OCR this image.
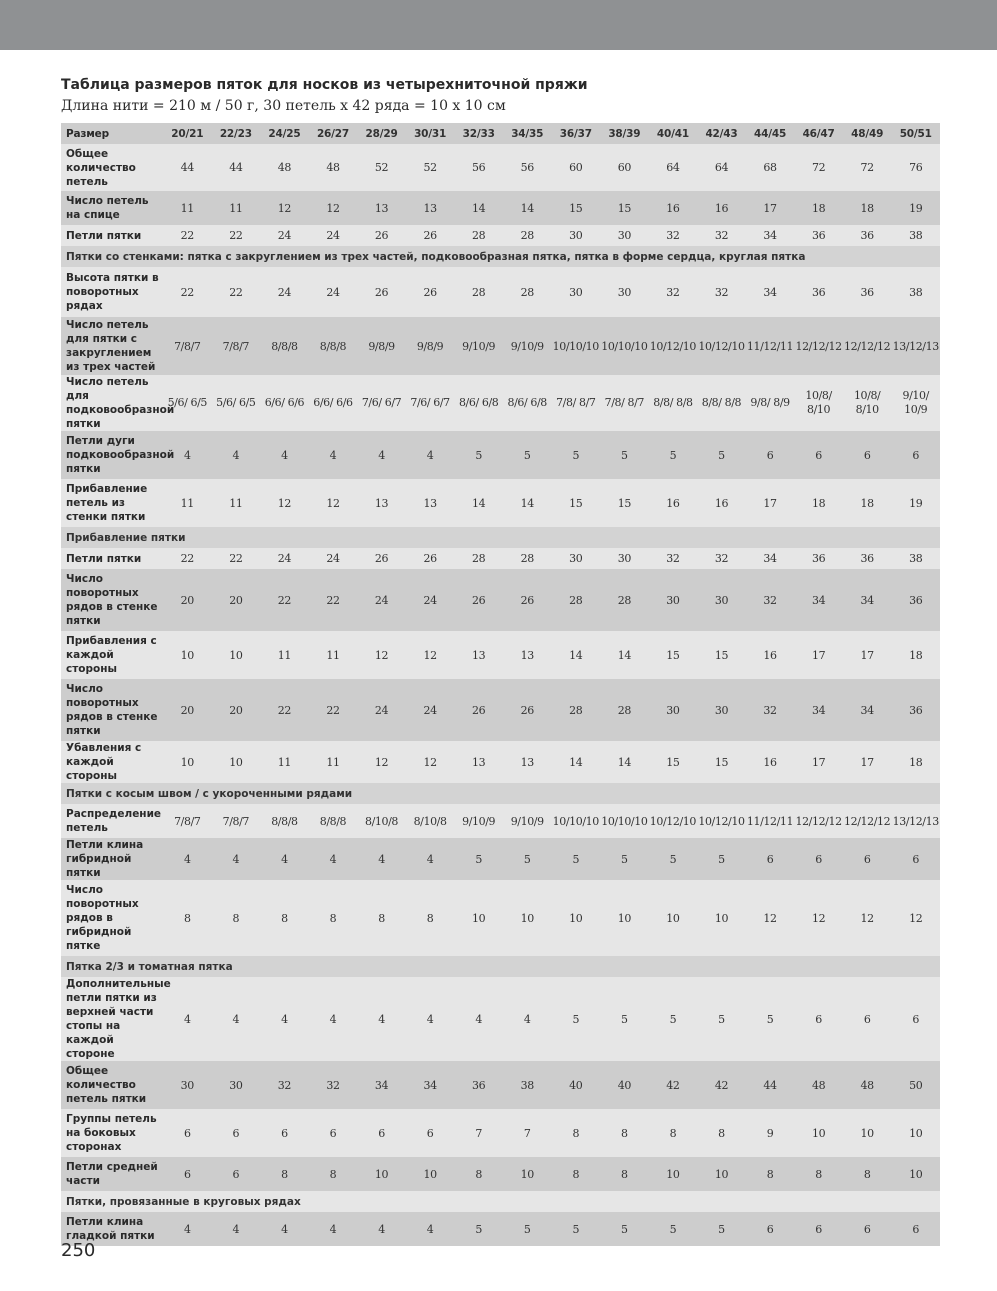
Таблица размеров пяток для носков из четырехниточной пряжи

Длина нити = 210 м / 50 г, 30 петель х 42 ряда = 10 х 10 см

Размер	20/21	22/23	24/25	26/27	28/29	30/31	32/33	34/35	36/37	38/39	40/41	42/43	44/45	46/47	48/49	50/51
Общее количество петель	44	44	48	48	52	52	56	56	60	60	64	64	68	72	72	76
Число петель на спице	11	11	12	12	13	13	14	14	15	15	16	16	17	18	18	19
Петли пятки	22	22	24	24	26	26	28	28	30	30	32	32	34	36	36	38
Пятки со стенками: пятка с закруглением из трех частей, подковообразная пятка, пятка в форме сердца, круглая пятка																
Высота пятки в поворотных рядах	22	22	24	24	26	26	28	28	30	30	32	32	34	36	36	38
Число петель для пятки с закруглением из трех частей	7/8/7	7/8/7	8/8/8	8/8/8	9/8/9	9/8/9	9/10/9	9/10/9	10/10/10	10/10/10	10/12/10	10/12/10	11/12/11	12/12/12	12/12/12	13/12/13
Число петель для подковообразной пятки	5/6/ 6/5	5/6/ 6/5	6/6/ 6/6	6/6/ 6/6	7/6/ 6/7	7/6/ 6/7	8/6/ 6/8	8/6/ 6/8	7/8/ 8/7	7/8/ 8/7	8/8/ 8/8	8/8/ 8/8	9/8/ 8/9	10/8/ 8/10	10/8/ 8/10	9/10/ 10/9
Петли дуги подковообразной пятки	4	4	4	4	4	4	5	5	5	5	5	5	6	6	6	6
Прибавление петель из стенки пятки	11	11	12	12	13	13	14	14	15	15	16	16	17	18	18	19
Прибавление пятки																
Петли пятки	22	22	24	24	26	26	28	28	30	30	32	32	34	36	36	38
Число поворотных рядов в стенке пятки	20	20	22	22	24	24	26	26	28	28	30	30	32	34	34	36
Прибавления с каждой стороны	10	10	11	11	12	12	13	13	14	14	15	15	16	17	17	18
Число поворотных рядов в стенке пятки	20	20	22	22	24	24	26	26	28	28	30	30	32	34	34	36
Убавления с каждой стороны	10	10	11	11	12	12	13	13	14	14	15	15	16	17	17	18
Пятки с косым швом / с укороченными рядами																
Распределение петель	7/8/7	7/8/7	8/8/8	8/8/8	8/10/8	8/10/8	9/10/9	9/10/9	10/10/10	10/10/10	10/12/10	10/12/10	11/12/11	12/12/12	12/12/12	13/12/13
Петли клина гибридной пятки	4	4	4	4	4	4	5	5	5	5	5	5	6	6	6	6
Число поворотных рядов в гибридной пятке	8	8	8	8	8	8	10	10	10	10	10	10	12	12	12	12
Пятка 2/3 и томатная пятка																
Дополнительные петли пятки из верхней части стопы на каждой стороне	4	4	4	4	4	4	4	4	5	5	5	5	5	6	6	6
Общее количество петель пятки	30	30	32	32	34	34	36	38	40	40	42	42	44	48	48	50
Группы петель на боковых сторонах	6	6	6	6	6	6	7	7	8	8	8	8	9	10	10	10
Петли средней части	6	6	8	8	10	10	8	10	8	8	10	10	8	8	8	10
Пятки, провязанные в круговых рядах																
Петли клина гладкой пятки	4	4	4	4	4	4	5	5	5	5	5	5	6	6	6	6

250
